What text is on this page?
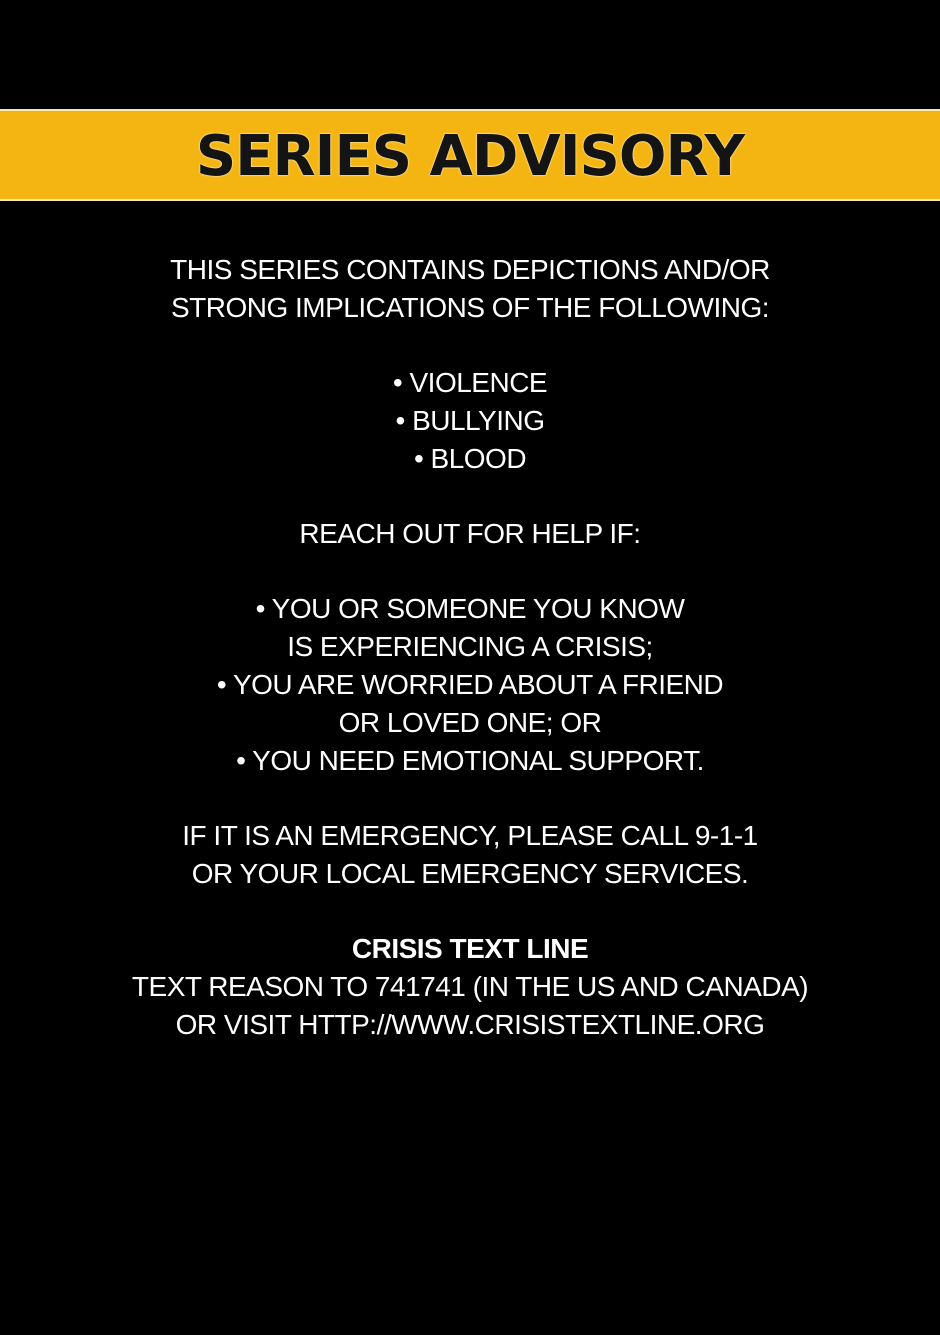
SERIES ADVISORY
THIS SERIES CONTAINS DEPICTIONS AND/OR
STRONG IMPLICATIONS OF THE FOLLOWING:
• VIOLENCE
• BULLYING
• BLOOD
REACH OUT FOR HELP IF:
• YOU OR SOMEONE YOU KNOW
IS EXPERIENCING A CRISIS;
• YOU ARE WORRIED ABOUT A FRIEND
OR LOVED ONE; OR
• YOU NEED EMOTIONAL SUPPORT.
IF IT IS AN EMERGENCY, PLEASE CALL 9-1-1
OR YOUR LOCAL EMERGENCY SERVICES.
CRISIS TEXT LINE
TEXT REASON TO 741741 (IN THE US AND CANADA)
OR VISIT HTTP://WWW.CRISISTEXTLINE.ORG
